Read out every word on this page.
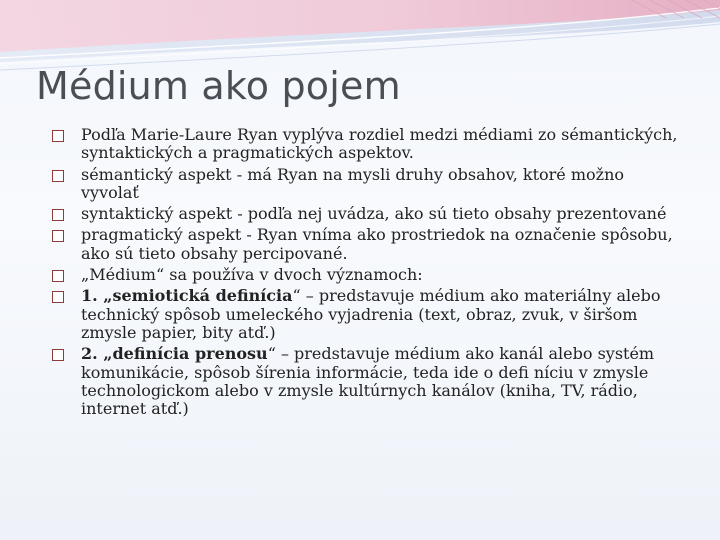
Médium ako pojem
Podľa Marie-Laure Ryan vyplýva rozdiel medzi médiami zo sémantických, syntaktických a pragmatických aspektov.
sémantický aspekt - má Ryan na mysli druhy obsahov, ktoré možno vyvolať
syntaktický aspekt - podľa nej uvádza, ako sú tieto obsahy prezentované
pragmatický aspekt - Ryan vníma ako prostriedok na označenie spôsobu, ako sú tieto obsahy percipované.
„Médium“ sa používa v dvoch významoch:
1. „semiotická definícia“ – predstavuje médium ako materiálny alebo technický spôsob umeleckého vyjadrenia (text, obraz, zvuk, v širšom zmysle papier, bity atď.)
2. „definícia prenosu“ – predstavuje médium ako kanál alebo systém komunikácie, spôsob šírenia informácie, teda ide o defi níciu v zmysle technologickom alebo v zmysle kultúrnych kanálov (kniha, TV, rádio, internet atď.)
